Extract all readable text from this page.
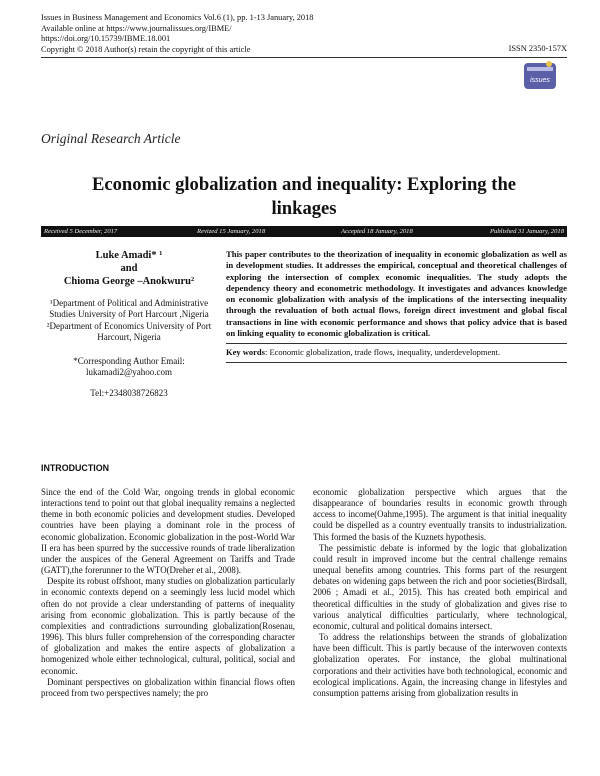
Issues in Business Management and Economics Vol.6 (1), pp. 1-13 January, 2018
Available online at https://www.journalissues.org/IBME/
https://doi.org/10.15739/IBME.18.001
Copyright © 2018 Author(s) retain the copyright of this article	ISSN 2350-157X
issues
Original Research Article
Economic globalization and inequality: Exploring the linkages
Received 5 December, 2017	Revized 15 January, 2018	Accepted 18 January, 2018	Published 31 January, 2018
Luke Amadi* ¹
and
Chioma George –Anokwuru²
¹Department of Political and Administrative Studies University of Port Harcourt ,Nigeria
²Department of Economics University of Port Harcourt, Nigeria
*Corresponding Author Email: lukamadi2@yahoo.com
Tel:+2348038726823
This paper contributes to the theorization of inequality in economic globalization as well as in development studies. It addresses the empirical, conceptual and theoretical challenges of exploring the intersection of complex economic inequalities. The study adopts the dependency theory and econometric methodology. It investigates and advances knowledge on economic globalization with analysis of the implications of the intersecting inequality through the revaluation of both actual flows, foreign direct investment and global fiscal transactions in line with economic performance and shows that policy advice that is based on linking equality to economic globalization is critical.
Key words: Economic globalization, trade flows, inequality, underdevelopment.
INTRODUCTION

Since the end of the Cold War, ongoing trends in global economic interactions tend to point out that global inequality remains a neglected theme in both economic policies and development studies. Developed countries have been playing a dominant role in the process of economic globalization. Economic globalization in the post-World War II era has been spurred by the successive rounds of trade liberalization under the auspices of the General Agreement on Tariffs and Trade (GATT),the forerunner to the WTO(Dreher et al., 2008).

Despite its robust offshoot, many studies on globalization particularly in economic contexts depend on a seemingly less lucid model which often do not provide a clear understanding of patterns of inequality arising from economic globalization. This is partly because of the complexities and contradictions surrounding globalization(Rosenau, 1996). This blurs fuller comprehension of the corresponding character of globalization and makes the entire aspects of globalization a homogenized whole either technological, cultural, political, social and economic.

Dominant perspectives on globalization within financial flows often proceed from two perspectives namely; the pro

economic globalization perspective which argues that the disappearance of boundaries results in economic growth through access to income(Oahme,1995). The argument is that initial inequality could be dispelled as a country eventually transits to industrialization. This formed the basis of the Kuznets hypothesis.

The pessimistic debate is informed by the logic that globalization could result in improved income but the central challenge remains unequal benefits among countries. This forms part of the resurgent debates on widening gaps between the rich and poor societies(Birdsall, 2006 ; Amadi et al., 2015). This has created both empirical and theoretical difficulties in the study of globalization and gives rise to various analytical difficulties particularly, where technological, economic, cultural and political domains intersect.

To address the relationships between the strands of globalization have been difficult. This is partly because of the interwoven contexts globalization operates. For instance, the global multinational corporations and their activities have both technological, economic and ecological implications. Again, the increasing change in lifestyles and consumption patterns arising from globalization results in
